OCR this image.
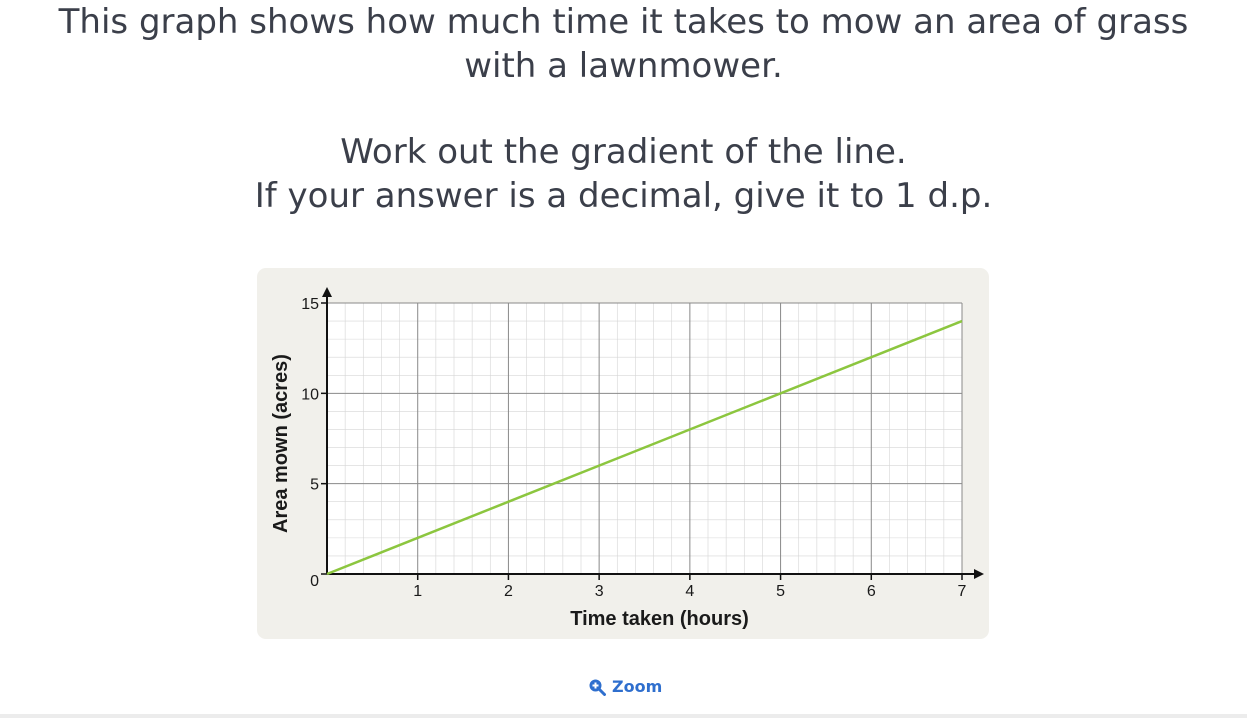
This graph shows how much time it takes to mow an area of grass with a lawnmower.
Work out the gradient of the line.
If your answer is a decimal, give it to 1 d.p.
1	2	3	4	5	6	7
0
5
10
15
Time taken (hours)
Area mown (acres)
Zoom
